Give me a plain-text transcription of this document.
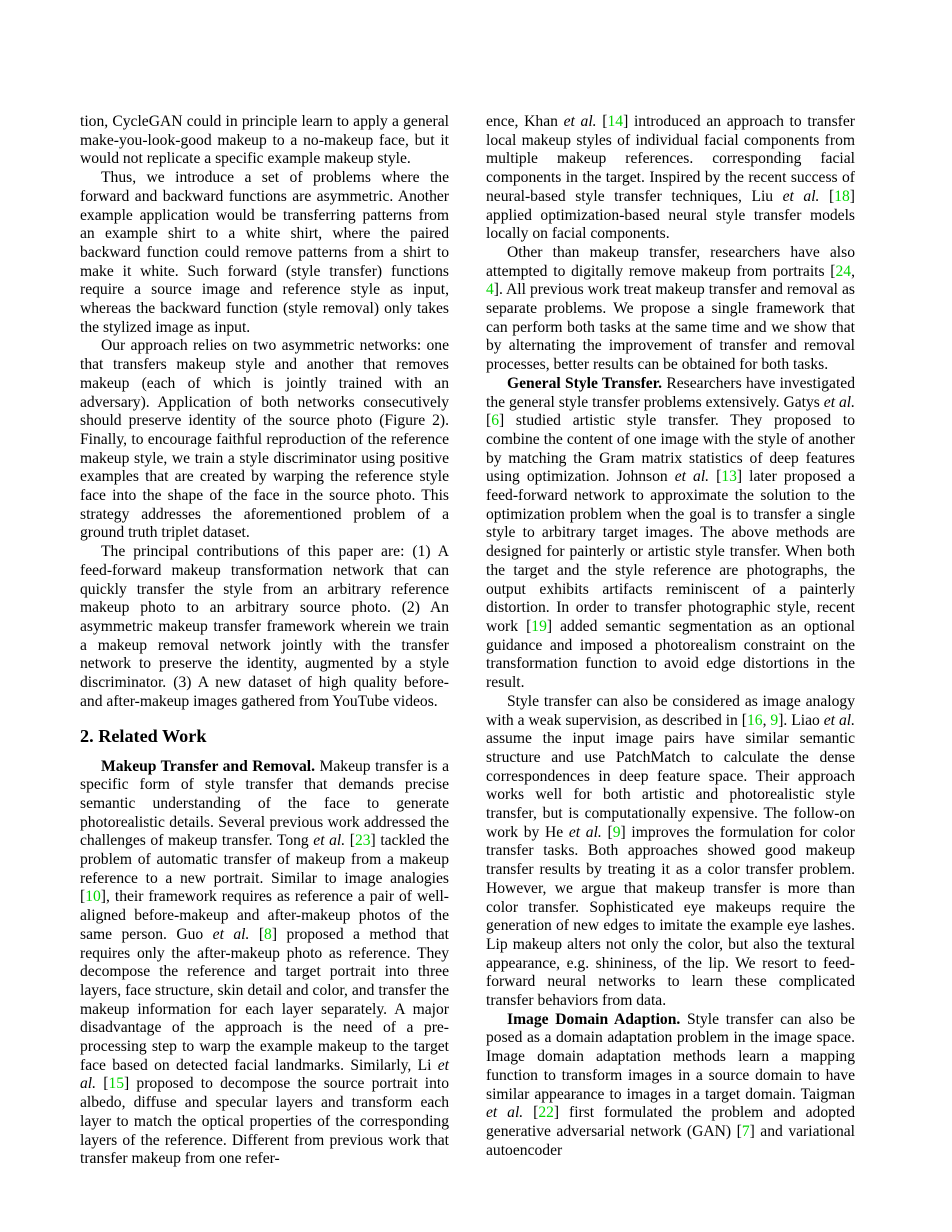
tion, CycleGAN could in principle learn to apply a general make-you-look-good makeup to a no-makeup face, but it would not replicate a specific example makeup style.

Thus, we introduce a set of problems where the forward and backward functions are asymmetric. Another example application would be transferring patterns from an example shirt to a white shirt, where the paired backward function could remove patterns from a shirt to make it white. Such forward (style transfer) functions require a source image and reference style as input, whereas the backward function (style removal) only takes the stylized image as input.

Our approach relies on two asymmetric networks: one that transfers makeup style and another that removes makeup (each of which is jointly trained with an adversary). Application of both networks consecutively should preserve identity of the source photo (Figure 2). Finally, to encourage faithful reproduction of the reference makeup style, we train a style discriminator using positive examples that are created by warping the reference style face into the shape of the face in the source photo. This strategy addresses the aforementioned problem of a ground truth triplet dataset.

The principal contributions of this paper are: (1) A feed-forward makeup transformation network that can quickly transfer the style from an arbitrary reference makeup photo to an arbitrary source photo. (2) An asymmetric makeup transfer framework wherein we train a makeup removal network jointly with the transfer network to preserve the identity, augmented by a style discriminator. (3) A new dataset of high quality before- and after-makeup images gathered from YouTube videos.

2. Related Work

Makeup Transfer and Removal. Makeup transfer is a specific form of style transfer that demands precise semantic understanding of the face to generate photorealistic details. Several previous work addressed the challenges of makeup transfer. Tong et al. [23] tackled the problem of automatic transfer of makeup from a makeup reference to a new portrait. Similar to image analogies [10], their framework requires as reference a pair of well-aligned before-makeup and after-makeup photos of the same person. Guo et al. [8] proposed a method that requires only the after-makeup photo as reference. They decompose the reference and target portrait into three layers, face structure, skin detail and color, and transfer the makeup information for each layer separately. A major disadvantage of the approach is the need of a pre-processing step to warp the example makeup to the target face based on detected facial landmarks. Similarly, Li et al. [15] proposed to decompose the source portrait into albedo, diffuse and specular layers and transform each layer to match the optical properties of the corresponding layers of the reference. Different from previous work that transfer makeup from one refer-

ence, Khan et al. [14] introduced an approach to transfer local makeup styles of individual facial components from multiple makeup references. corresponding facial components in the target. Inspired by the recent success of neural-based style transfer techniques, Liu et al. [18] applied optimization-based neural style transfer models locally on facial components.

Other than makeup transfer, researchers have also attempted to digitally remove makeup from portraits [24, 4]. All previous work treat makeup transfer and removal as separate problems. We propose a single framework that can perform both tasks at the same time and we show that by alternating the improvement of transfer and removal processes, better results can be obtained for both tasks.

General Style Transfer. Researchers have investigated the general style transfer problems extensively. Gatys et al. [6] studied artistic style transfer. They proposed to combine the content of one image with the style of another by matching the Gram matrix statistics of deep features using optimization. Johnson et al. [13] later proposed a feed-forward network to approximate the solution to the optimization problem when the goal is to transfer a single style to arbitrary target images. The above methods are designed for painterly or artistic style transfer. When both the target and the style reference are photographs, the output exhibits artifacts reminiscent of a painterly distortion. In order to transfer photographic style, recent work [19] added semantic segmentation as an optional guidance and imposed a photorealism constraint on the transformation function to avoid edge distortions in the result.

Style transfer can also be considered as image analogy with a weak supervision, as described in [16, 9]. Liao et al. assume the input image pairs have similar semantic structure and use PatchMatch to calculate the dense correspondences in deep feature space. Their approach works well for both artistic and photorealistic style transfer, but is computationally expensive. The follow-on work by He et al. [9] improves the formulation for color transfer tasks. Both approaches showed good makeup transfer results by treating it as a color transfer problem. However, we argue that makeup transfer is more than color transfer. Sophisticated eye makeups require the generation of new edges to imitate the example eye lashes. Lip makeup alters not only the color, but also the textural appearance, e.g. shininess, of the lip. We resort to feed-forward neural networks to learn these complicated transfer behaviors from data.

Image Domain Adaption. Style transfer can also be posed as a domain adaptation problem in the image space. Image domain adaptation methods learn a mapping function to transform images in a source domain to have similar appearance to images in a target domain. Taigman et al. [22] first formulated the problem and adopted generative adversarial network (GAN) [7] and variational autoencoder
